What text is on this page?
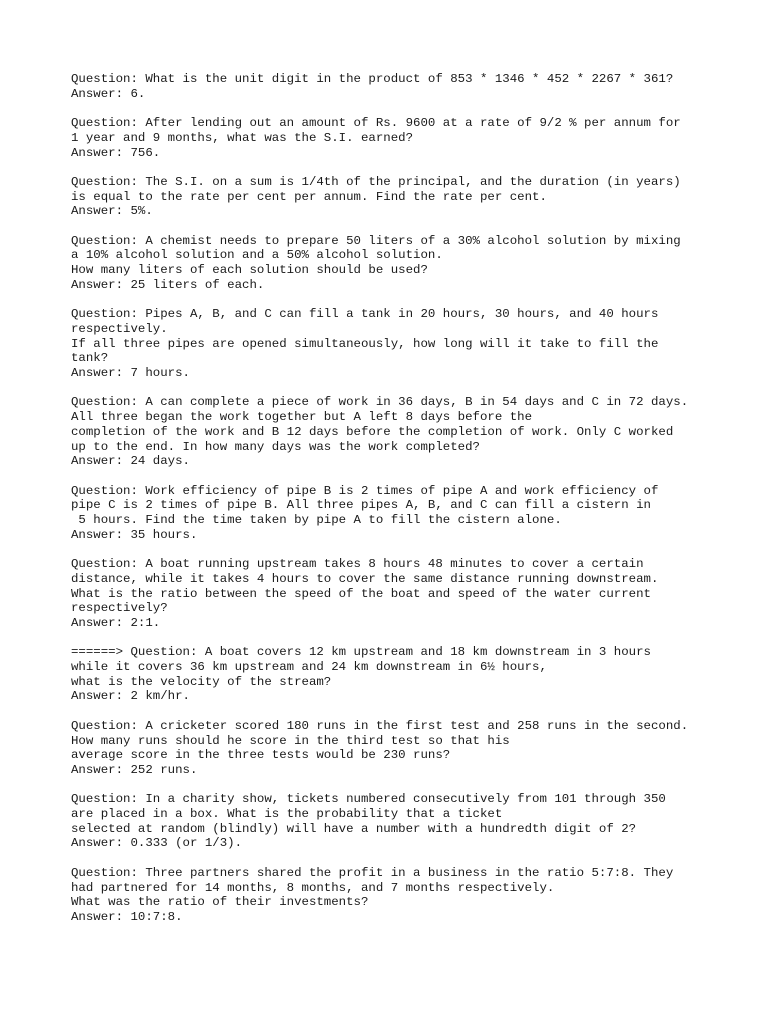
Question: What is the unit digit in the product of 853 * 1346 * 452 * 2267 * 361?
Answer: 6.
Question: After lending out an amount of Rs. 9600 at a rate of 9/2 % per annum for
1 year and 9 months, what was the S.I. earned?
Answer: 756.
Question: The S.I. on a sum is 1/4th of the principal, and the duration (in years)
is equal to the rate per cent per annum. Find the rate per cent.
Answer: 5%.
Question: A chemist needs to prepare 50 liters of a 30% alcohol solution by mixing
a 10% alcohol solution and a 50% alcohol solution.
How many liters of each solution should be used?
Answer: 25 liters of each.
Question: Pipes A, B, and C can fill a tank in 20 hours, 30 hours, and 40 hours
respectively.
If all three pipes are opened simultaneously, how long will it take to fill the
tank?
Answer: 7 hours.
Question: A can complete a piece of work in 36 days, B in 54 days and C in 72 days.
All three began the work together but A left 8 days before the
completion of the work and B 12 days before the completion of work. Only C worked
up to the end. In how many days was the work completed?
Answer: 24 days.
Question: Work efficiency of pipe B is 2 times of pipe A and work efficiency of
pipe C is 2 times of pipe B. All three pipes A, B, and C can fill a cistern in
5 hours. Find the time taken by pipe A to fill the cistern alone.
Answer: 35 hours.
Question: A boat running upstream takes 8 hours 48 minutes to cover a certain
distance, while it takes 4 hours to cover the same distance running downstream.
What is the ratio between the speed of the boat and speed of the water current
respectively?
Answer: 2:1.
======> Question: A boat covers 12 km upstream and 18 km downstream in 3 hours
while it covers 36 km upstream and 24 km downstream in 6½ hours,
what is the velocity of the stream?
Answer: 2 km/hr.
Question: A cricketer scored 180 runs in the first test and 258 runs in the second.
How many runs should he score in the third test so that his
average score in the three tests would be 230 runs?
Answer: 252 runs.
Question: In a charity show, tickets numbered consecutively from 101 through 350
are placed in a box. What is the probability that a ticket
selected at random (blindly) will have a number with a hundredth digit of 2?
Answer: 0.333 (or 1/3).
Question: Three partners shared the profit in a business in the ratio 5:7:8. They
had partnered for 14 months, 8 months, and 7 months respectively.
What was the ratio of their investments?
Answer: 10:7:8.
